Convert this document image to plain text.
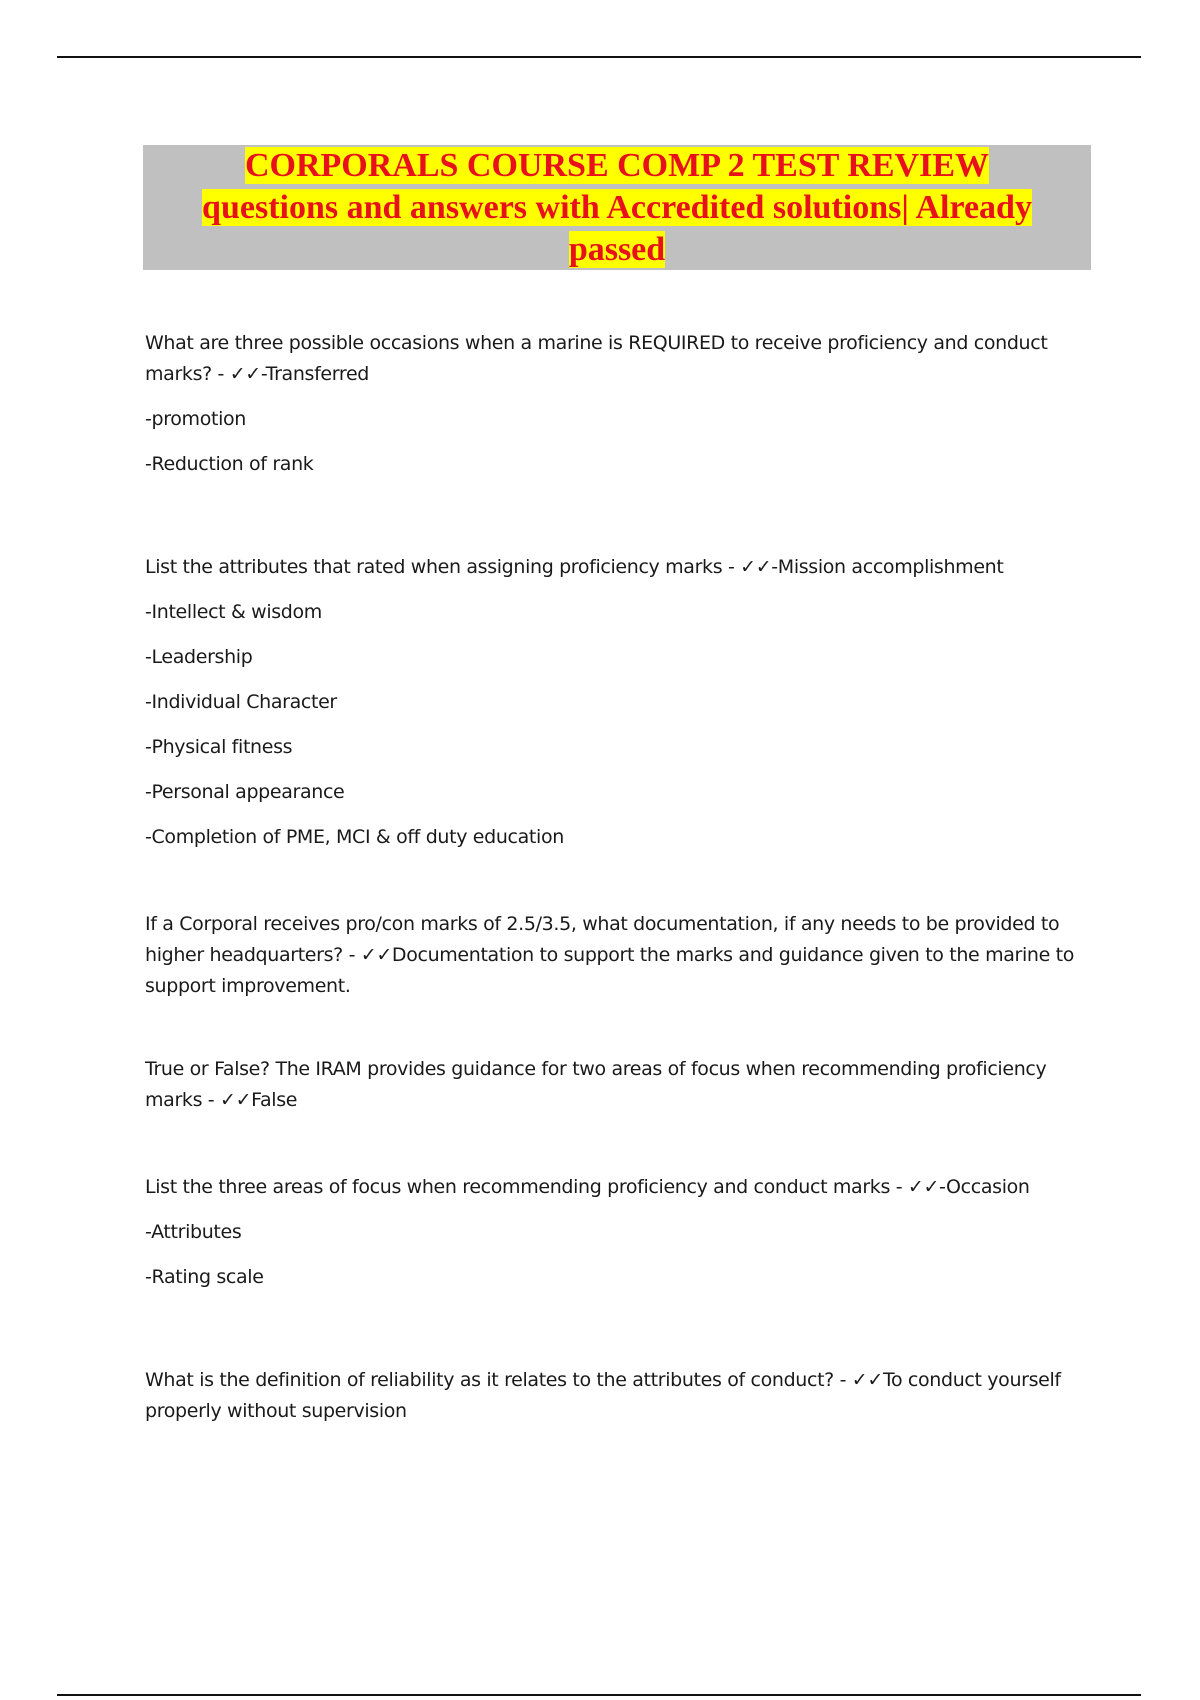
CORPORALS COURSE COMP 2 TEST REVIEW
questions and answers with Accredited solutions| Already
passed

What are three possible occasions when a marine is REQUIRED to receive proficiency and conduct marks? - ✓✓-Transferred

-promotion

-Reduction of rank

List the attributes that rated when assigning proficiency marks - ✓✓-Mission accomplishment

-Intellect & wisdom

-Leadership

-Individual Character

-Physical fitness

-Personal appearance

-Completion of PME, MCI & off duty education

If a Corporal receives pro/con marks of 2.5/3.5, what documentation, if any needs to be provided to higher headquarters? - ✓✓Documentation to support the marks and guidance given to the marine to support improvement.

True or False? The IRAM provides guidance for two areas of focus when recommending proficiency marks - ✓✓False

List the three areas of focus when recommending proficiency and conduct marks - ✓✓-Occasion

-Attributes

-Rating scale

What is the definition of reliability as it relates to the attributes of conduct? - ✓✓To conduct yourself properly without supervision
